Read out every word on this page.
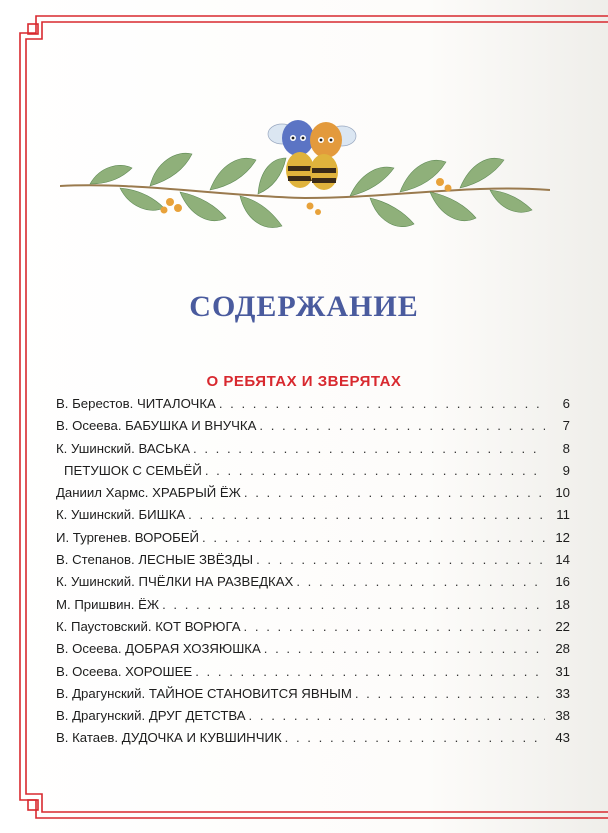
СОДЕРЖАНИЕ
О РЕБЯТАХ И ЗВЕРЯТАХ
В. Берестов. ЧИТАЛОЧКА . . .	6
В. Осеева. БАБУШКА И ВНУЧКА . . .	7
К. Ушинский. ВАСЬКА . . .	8
ПЕТУШОК С СЕМЬЁЙ . . .	9
Даниил Хармс. ХРАБРЫЙ ЁЖ . . .	10
К. Ушинский. БИШКА . . .	11
И. Тургенев. ВОРОБЕЙ . . .	12
В. Степанов. ЛЕСНЫЕ ЗВЁЗДЫ . . .	14
К. Ушинский. ПЧЁЛКИ НА РАЗВЕДКАХ . . .	16
М. Пришвин. ЁЖ . . .	18
К. Паустовский. КОТ ВОРЮГА . . .	22
В. Осеева. ДОБРАЯ ХОЗЯЮШКА . . .	28
В. Осеева. ХОРОШЕЕ . . .	31
В. Драгунский. ТАЙНОЕ СТАНОВИТСЯ ЯВНЫМ . . .	33
В. Драгунский. ДРУГ ДЕТСТВА . . .	38
В. Катаев. ДУДОЧКА И КУВШИНЧИК . . .	43
